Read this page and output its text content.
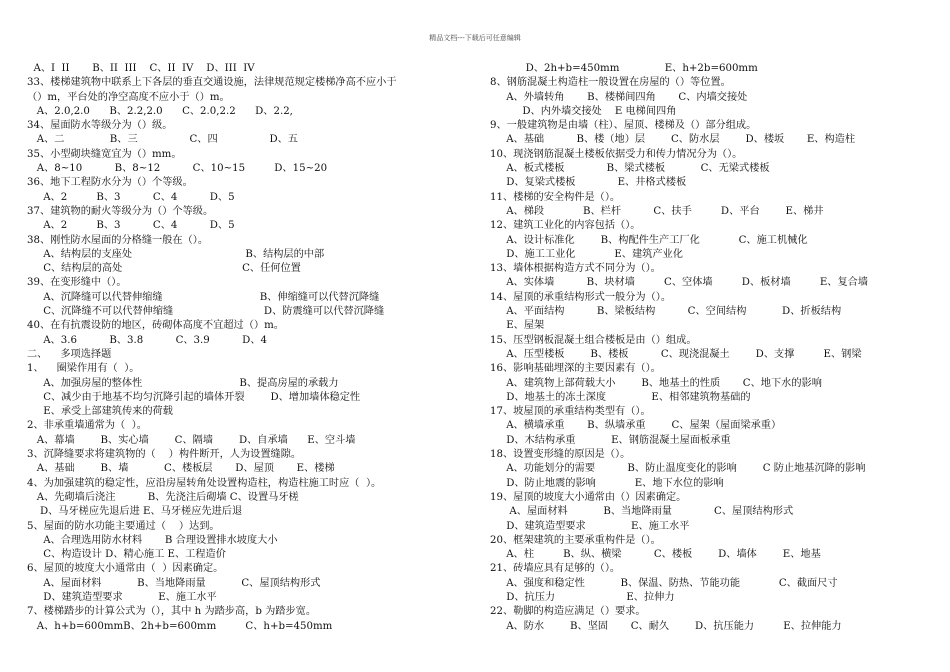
精品文档---下载后可任意编辑
A、I  II       B、II  III    C、II  IV    D、III  IV
33、楼梯建筑物中联系上下各层的垂直交通设施，法律规范规定楼梯净高不应小于
（）m，平台处的净空高度不应小于（）m。
A、2.0,2.0      B、2.2,2.0      C、2.0,2.2      D、2.2,
34、屋面防水等级分为（）级。
A、二              B、三                C、四                D、五
35、小型砌块缝宽宜为（）mm。
A、8~10          B、8~12          C、10~15         D、15~20
36、地下工程防水分为（）个等级。
A、2         B、3          C、4          D、5
37、建筑物的耐火等级分为（）个等级。
A、2         B、3          C、4          D、5
38、刚性防水屋面的分格缝一般在（）。
A、结构层的支座处                                   B、结构层的中部
C、结构层的高处                                     C、任何位置
39、在变形缝中（）。
A、沉降缝可以代替伸缩缝                              B、伸缩缝可以代替沉降缝
C、沉降缝不可以代替伸缩缝                            D、防震缝可以代替沉降缝
40、在有抗震设防的地区，砖砌体高度不宜超过（）m。
A、3.6          B、3.8          C、3.9          D、4
二、    多项选择题
1、    圈梁作用有（  ）。
A、加强房屋的整体性                              B、提高房屋的承载力
C、减少由于地基不均匀沉降引起的墙体开裂        D、增加墙体稳定性
E、承受上部建筑传来的荷载
2、非承重墙通常为（  ）。
A、幕墙        B、实心墙        C、隔墙        D、自承墙      E、空斗墙
3、沉降缝要求将建筑物的（    ）构件断开，人为设置缝隙。
A、基础        B、墙           C、楼板层       D、屋顶       E、楼梯
4、为加强建筑的稳定性，应沿房屋转角处设置构造柱，构造柱施工时应（  ）。
A、先砌墙后浇注          B、先浇注后砌墙 C、设置马牙槎
D、马牙槎应先退后进 E、马牙槎应先进后退
5、屋面的防水功能主要通过（    ）达到。
A、合理选用防水材料       B 合理设置排水坡度大小
C、构造设计 D、精心施工 E、工程造价
6、屋顶的坡度大小通常由（  ）因素确定。
A、屋面材料           B、当地降雨量           C、屋顶结构形式
D、建筑造型要求           E、施工水平
7、楼梯踏步的计算公式为（），其中 h 为踏步高，b 为踏步宽。
A、h+b=600mmB、2h+b=600mm         C、h+b=450mm
D、2h+b=450mm              E、h+2b=600mm
8、钢筋混凝土构造柱一般设置在房屋的（）等位置。
A、外墙转角       B、楼梯间四角       C、内墙交接处
D、内外墙交接处    E 电梯间四角
9、一般建筑物是由墙（柱）、屋顶、楼梯及（）部分组成。
A、基础          B、楼（地）层        C、防水层        D、楼坂       E、构造柱
10、现浇钢筋混凝土楼板依据受力和传力情况分为（）。
A、板式楼板             B、梁式楼板           C、无梁式楼板
D、复梁式楼板             E、井格式楼板
11、楼梯的安全构件是（）。
A、梯段            B、栏杆          C、扶手         D、平台        E、梯井
12、建筑工业化的内容包括（）。
A、设计标准化        B、构配件生产工厂化            C、施工机械化
D、施工工业化            E、建筑产业化
13、墙体根据构造方式不同分为（）。
A、实体墙          B、块材墙         C、空体墙         D、板材墙         E、复合墙
14、屋顶的承重结构形式一般分为（）。
A、平面结构          B、梁板结构          C、空间结构           D、折板结构
E、屋架
15、压型钢板混凝土组合楼板是由（）组成。
A、压型楼板        B、楼板          C、现浇混凝土        D、支撑         E、钢梁
16、影响基础埋深的主要因素有（）。
A、建筑物上部荷载大小        B、地基土的性质       C、地下水的影响
D、地基土的冻土深度              E、相邻建筑物基础的
17、坡屋顶的承重结构类型有（）。
A、横墙承重       B、纵墙承重        C、屋架（屋面梁承重）
D、木结构承重           E、钢筋混凝土屋面板承重
18、设置变形缝的原因是（）。
A、功能划分的需要          B、防止温度变化的影响        C 防止地基沉降的影响
D、防止地震的影响            E、地下水位的影响
19、屋顶的坡度大小通常由（）因素确定。
A、屋面材料           B、当地降雨量             C、屋顶结构形式
D、建筑造型要求              E、施工水平
20、框架建筑的主要承重构件是（）。
A、柱         B、纵、横梁          C、楼板        D、墙体        E、地基
21、砖墙应具有足够的（）。
A、强度和稳定性           B、保温、防热、节能功能            C、截面尺寸
D、抗压力                      E、拉伸力
22、勒脚的构造应满足（）要求。
A、防水        B、坚固       C、耐久        D、抗压能力         E、拉伸能力
